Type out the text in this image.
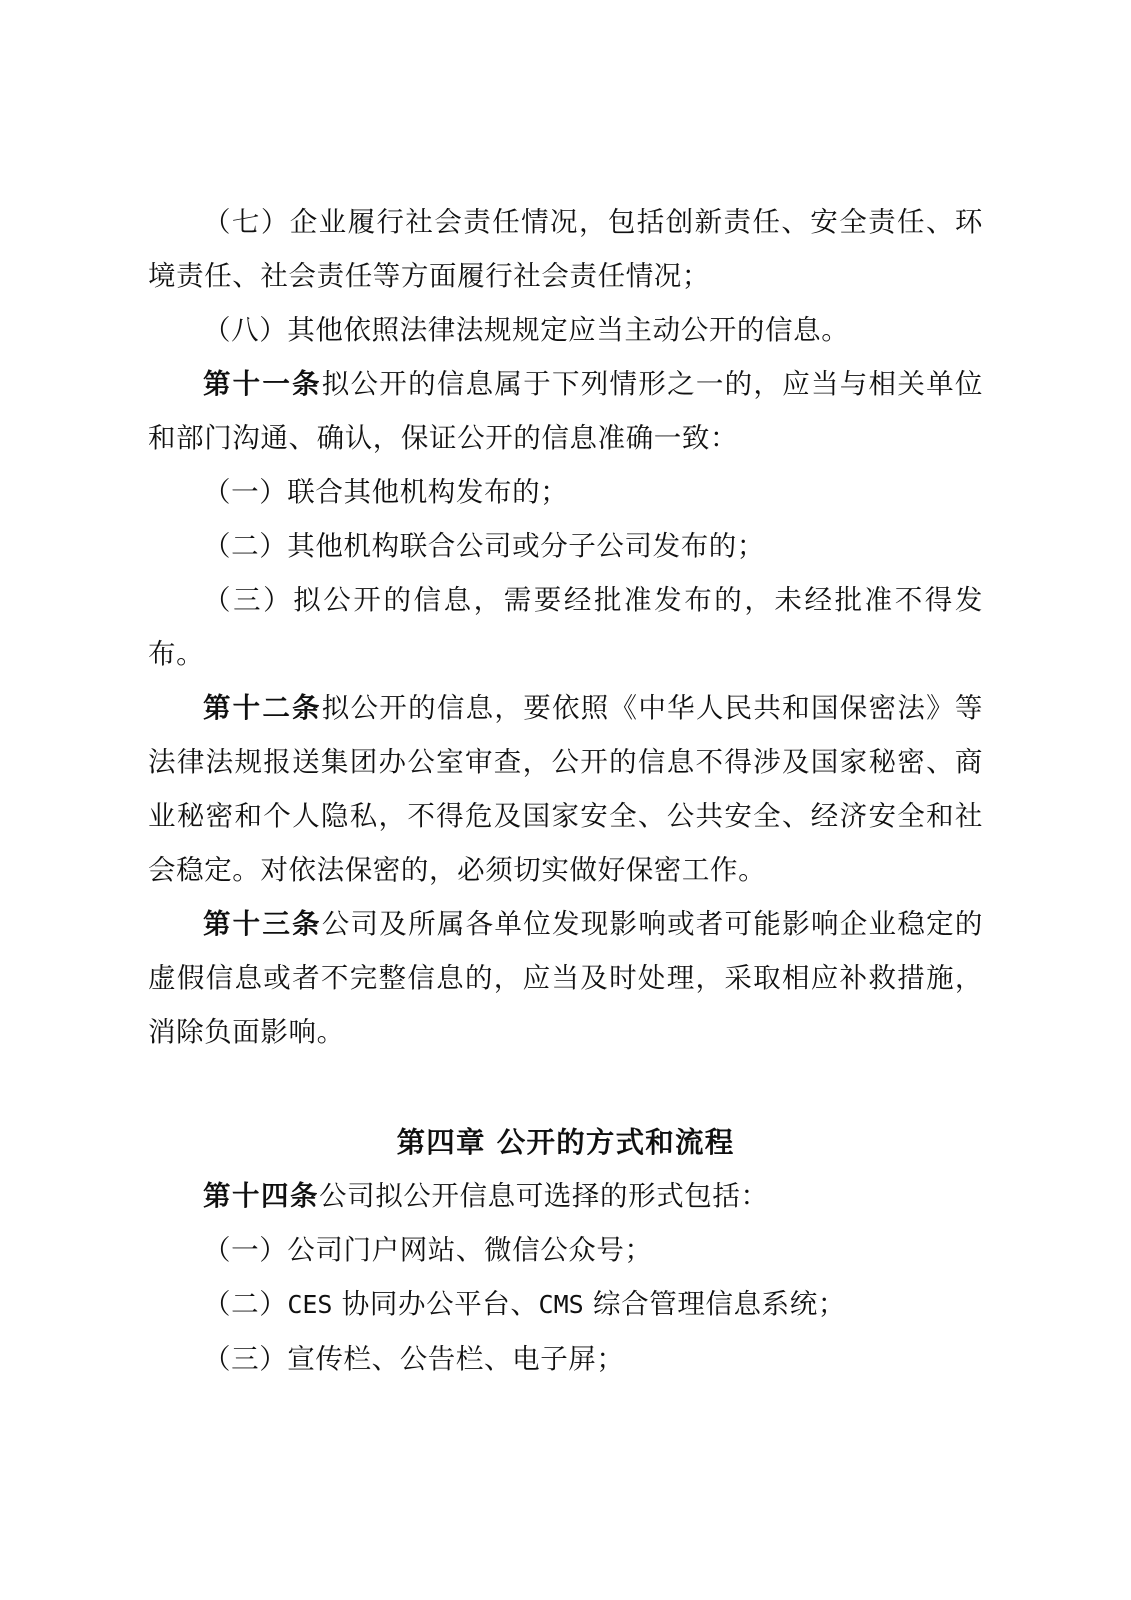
（七）企业履行社会责任情况，包括创新责任、安全责任、环境责任、社会责任等方面履行社会责任情况；

（八）其他依照法律法规规定应当主动公开的信息。

第十一条拟公开的信息属于下列情形之一的，应当与相关单位和部门沟通、确认，保证公开的信息准确一致：

（一）联合其他机构发布的；

（二）其他机构联合公司或分子公司发布的；

（三）拟公开的信息，需要经批准发布的，未经批准不得发布。

第十二条拟公开的信息，要依照《中华人民共和国保密法》等法律法规报送集团办公室审查，公开的信息不得涉及国家秘密、商业秘密和个人隐私，不得危及国家安全、公共安全、经济安全和社会稳定。对依法保密的，必须切实做好保密工作。

第十三条公司及所属各单位发现影响或者可能影响企业稳定的虚假信息或者不完整信息的，应当及时处理，采取相应补救措施，消除负面影响。

第四章 公开的方式和流程

第十四条公司拟公开信息可选择的形式包括：

（一）公司门户网站、微信公众号；

（二）CES 协同办公平台、CMS 综合管理信息系统；

（三）宣传栏、公告栏、电子屏；
